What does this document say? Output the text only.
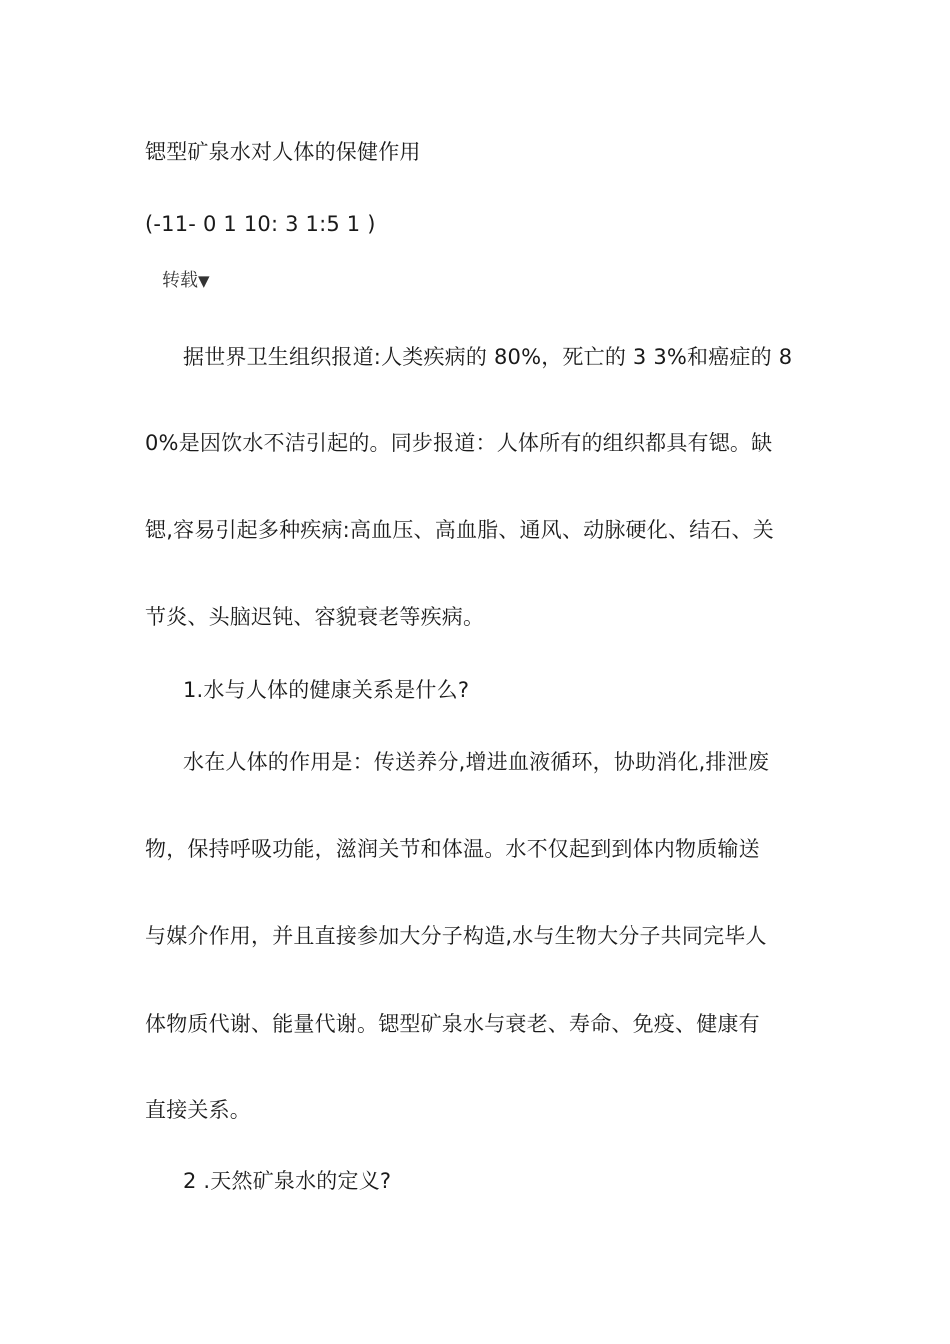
锶型矿泉水对人体的保健作用
(-11- 0 1 10: 3 1:5 1 )
转载▼
据世界卫生组织报道:人类疾病的 80%，死亡的 3 3%和癌症的 8
0%是因饮水不洁引起的。同步报道：人体所有的组织都具有锶。缺
锶,容易引起多种疾病:高血压、高血脂、通风、动脉硬化、结石、关
节炎、头脑迟钝、容貌衰老等疾病。
1.水与人体的健康关系是什么?
水在人体的作用是：传送养分,增进血液循环，协助消化,排泄废
物，保持呼吸功能，滋润关节和体温。水不仅起到到体内物质输送
与媒介作用，并且直接参加大分子构造,水与生物大分子共同完毕人
体物质代谢、能量代谢。锶型矿泉水与衰老、寿命、免疫、健康有
直接关系。
2 .天然矿泉水的定义?
